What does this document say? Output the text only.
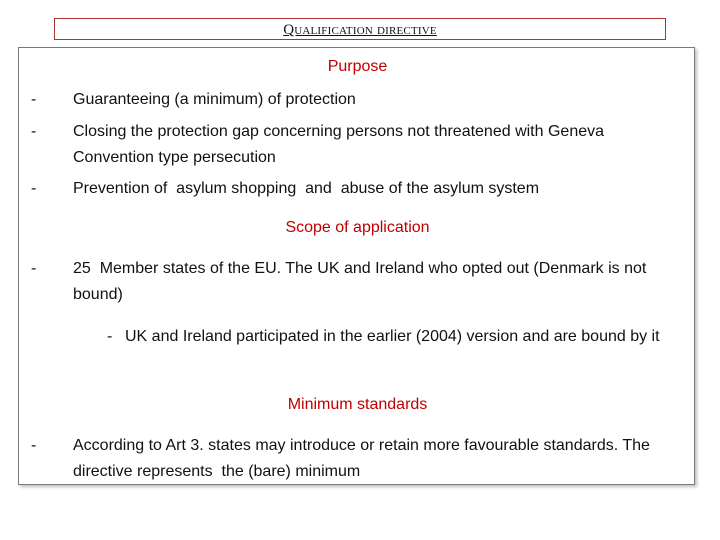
Qualification directive
Purpose
- Guaranteeing (a minimum) of protection
- Closing the protection gap concerning persons not threatened with Geneva Convention type persecution
- Prevention of  asylum shopping  and  abuse of the asylum system
Scope of application
- 25  Member states of the EU. The UK and Ireland who opted out (Denmark is not bound)
- UK and Ireland participated in the earlier (2004) version and are bound by it
Minimum standards
- According to Art 3. states may introduce or retain more favourable standards. The directive represents  the (bare) minimum
